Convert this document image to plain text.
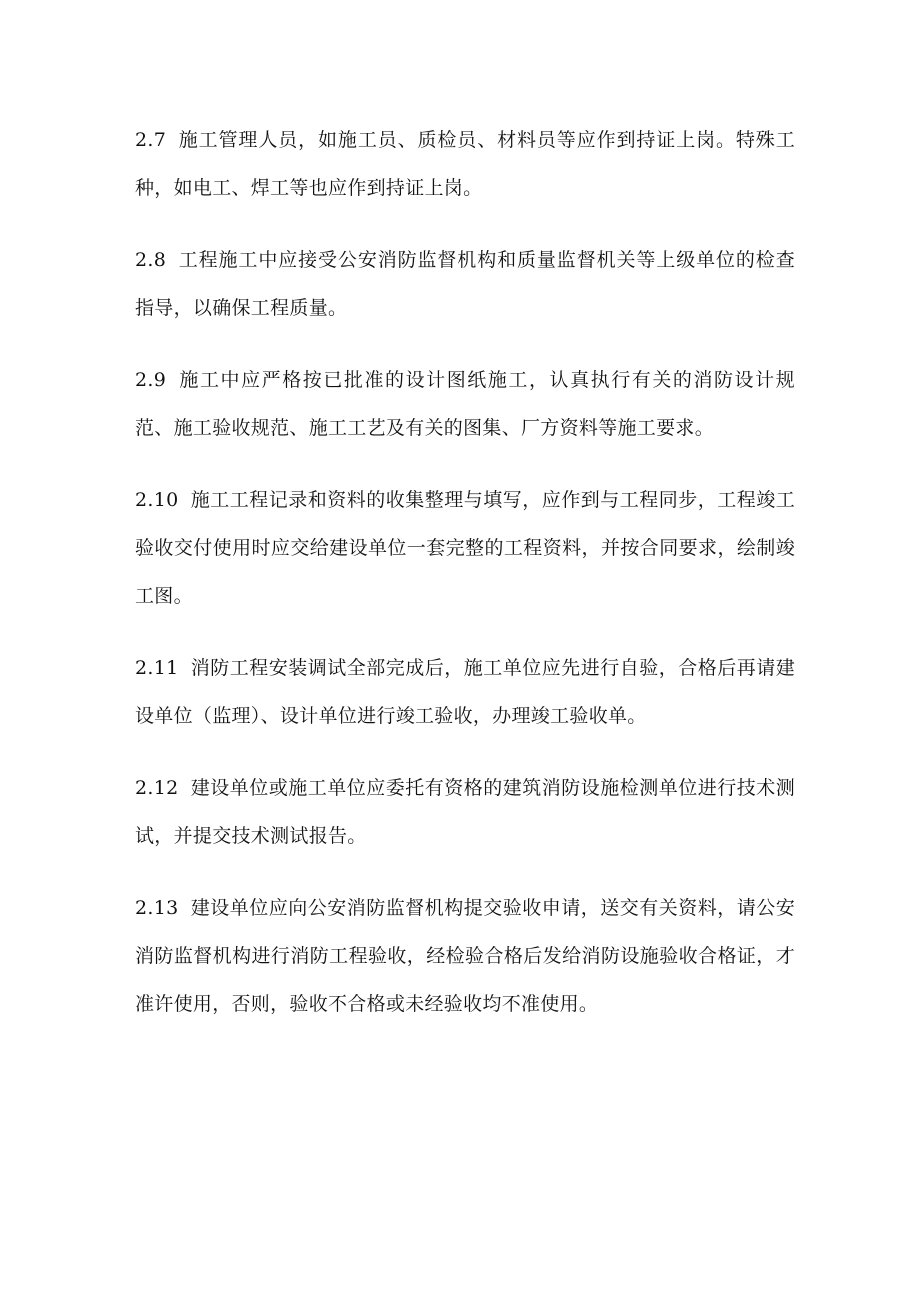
2.7 施工管理人员，如施工员、质检员、材料员等应作到持证上岗。特殊工种，如电工、焊工等也应作到持证上岗。

2.8 工程施工中应接受公安消防监督机构和质量监督机关等上级单位的检查指导，以确保工程质量。

2.9 施工中应严格按已批准的设计图纸施工，认真执行有关的消防设计规范、施工验收规范、施工工艺及有关的图集、厂方资料等施工要求。

2.10 施工工程记录和资料的收集整理与填写，应作到与工程同步，工程竣工验收交付使用时应交给建设单位一套完整的工程资料，并按合同要求，绘制竣工图。

2.11 消防工程安装调试全部完成后，施工单位应先进行自验，合格后再请建设单位（监理）、设计单位进行竣工验收，办理竣工验收单。

2.12 建设单位或施工单位应委托有资格的建筑消防设施检测单位进行技术测试，并提交技术测试报告。

2.13 建设单位应向公安消防监督机构提交验收申请，送交有关资料，请公安消防监督机构进行消防工程验收，经检验合格后发给消防设施验收合格证，才准许使用，否则，验收不合格或未经验收均不准使用。
